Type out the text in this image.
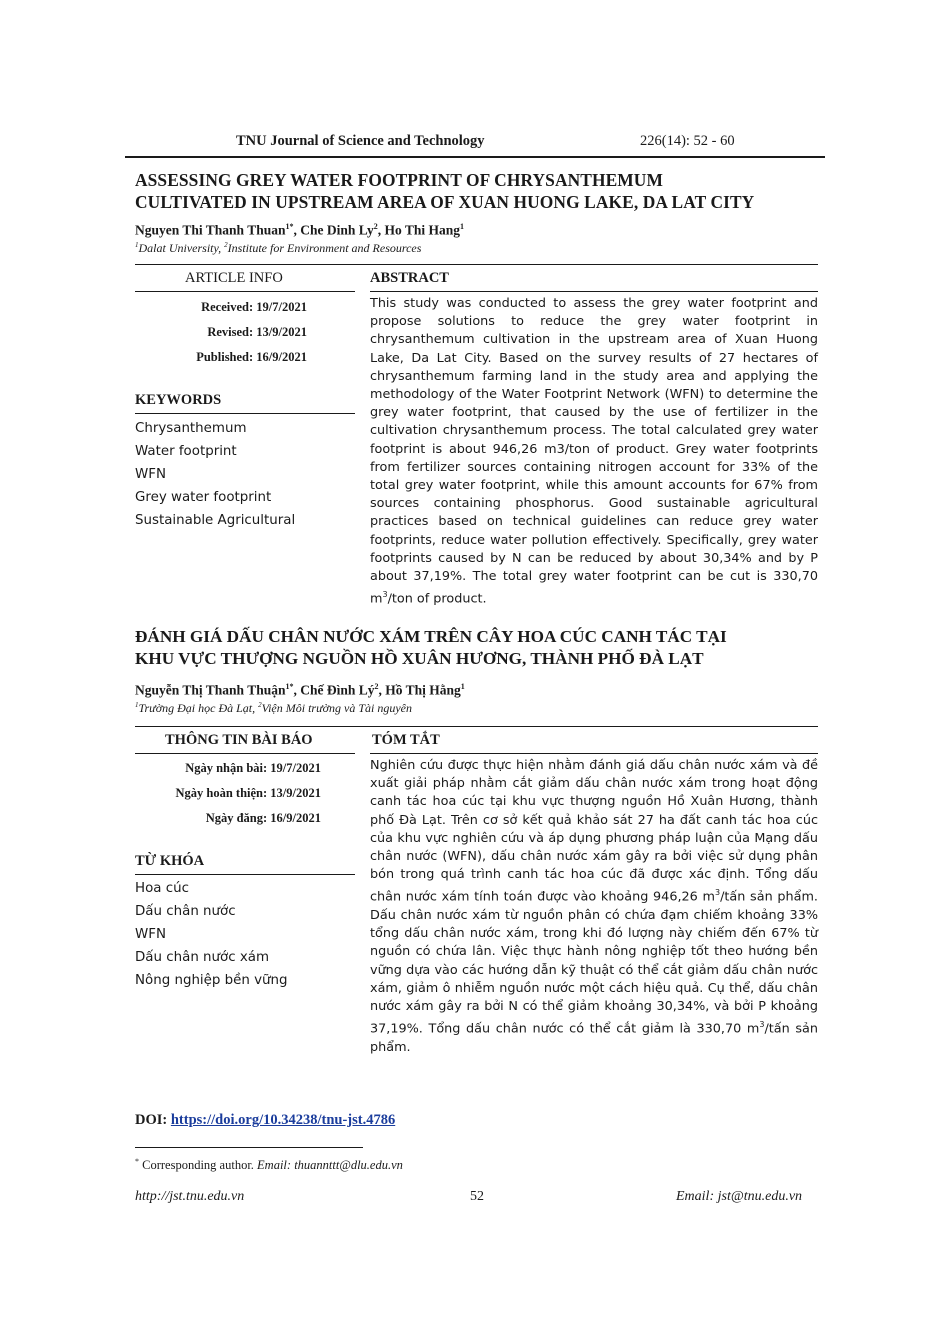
TNU Journal of Science and Technology	226(14): 52 - 60
ASSESSING GREY WATER FOOTPRINT OF CHRYSANTHEMUM
CULTIVATED IN UPSTREAM AREA OF XUAN HUONG LAKE, DA LAT CITY
Nguyen Thi Thanh Thuan$^{1*}$, Che Dinh Ly$^2$, Ho Thi Hang$^1$
$^1$Dalat University, $^2$Institute for Environment and Resources
ARTICLE INFO	ABSTRACT
Received: 19/7/2021
Revised: 13/9/2021
Published: 16/9/2021
KEYWORDS
Chrysanthemum
Water footprint
WFN
Grey water footprint
Sustainable Agricultural
This study was conducted to assess the grey water footprint and propose solutions to reduce the grey water footprint in chrysanthemum cultivation in the upstream area of Xuan Huong Lake, Da Lat City. Based on the survey results of 27 hectares of chrysanthemum farming land in the study area and applying the methodology of the Water Footprint Network (WFN) to determine the grey water footprint, that caused by the use of fertilizer in the cultivation chrysanthemum process. The total calculated grey water footprint is about 946,26 m3/ton of product. Grey water footprints from fertilizer sources containing nitrogen account for 33% of the total grey water footprint, while this amount accounts for 67% from sources containing phosphorus. Good sustainable agricultural practices based on technical guidelines can reduce grey water footprints, reduce water pollution effectively. Specifically, grey water footprints caused by N can be reduced by about 30,34% and by P about 37,19%. The total grey water footprint can be cut is 330,70 $m^3$/ton of product.
ĐÁNH GIÁ DẤU CHÂN NƯỚC XÁM TRÊN CÂY HOA CÚC CANH TÁC TẠI
KHU VỰC THƯỢNG NGUỒN HỒ XUÂN HƯƠNG, THÀNH PHỐ ĐÀ LẠT
Nguyễn Thị Thanh Thuận$^{1*}$, Chế Đình $Lý^2$, Hồ Thị Hằng$^1$
$^1$Trường Đại học Đà Lạt, $^2$Viện Môi trường và Tài nguyên
THÔNG TIN BÀI BÁO	TÓM TẮT
Ngày nhận bài: 19/7/2021
Ngày hoàn thiện: 13/9/2021
Ngày đăng: 16/9/2021
TỪ KHÓA
Hoa cúc
Dấu chân nước
WFN
Dấu chân nước xám
Nông nghiệp bền vững
Nghiên cứu được thực hiện nhằm đánh giá dấu chân nước xám và đề xuất giải pháp nhằm cắt giảm dấu chân nước xám trong hoạt động canh tác hoa cúc tại khu vực thượng nguồn Hồ Xuân Hương, thành phố Đà Lạt. Trên cơ sở kết quả khảo sát 27 ha đất canh tác hoa cúc của khu vực nghiên cứu và áp dụng phương pháp luận của Mạng dấu chân nước (WFN), dấu chân nước xám gây ra bởi việc sử dụng phân bón trong quá trình canh tác hoa cúc đã được xác định. Tổng dấu chân nước xám tính toán được vào khoảng 946,26 $m^3$/tấn sản phẩm. Dấu chân nước xám từ nguồn phân có chứa đạm chiếm khoảng 33% tổng dấu chân nước xám, trong khi đó lượng này chiếm đến 67% từ nguồn có chứa lân. Việc thực hành nông nghiệp tốt theo hướng bền vững dựa vào các hướng dẫn kỹ thuật có thể cắt giảm dấu chân nước xám, giảm ô nhiễm nguồn nước một cách hiệu quả. Cụ thể, dấu chân nước xám gây ra bởi N có thể giảm khoảng 30,34%, và bởi P khoảng 37,19%. Tổng dấu chân nước có thể cắt giảm là 330,70 $m^3$/tấn sản phẩm.
DOI: https://doi.org/10.34238/tnu-jst.4786
* Corresponding author. Email: thuannttt@dlu.edu.vn
http://jst.tnu.edu.vn	52	Email: jst@tnu.edu.vn
